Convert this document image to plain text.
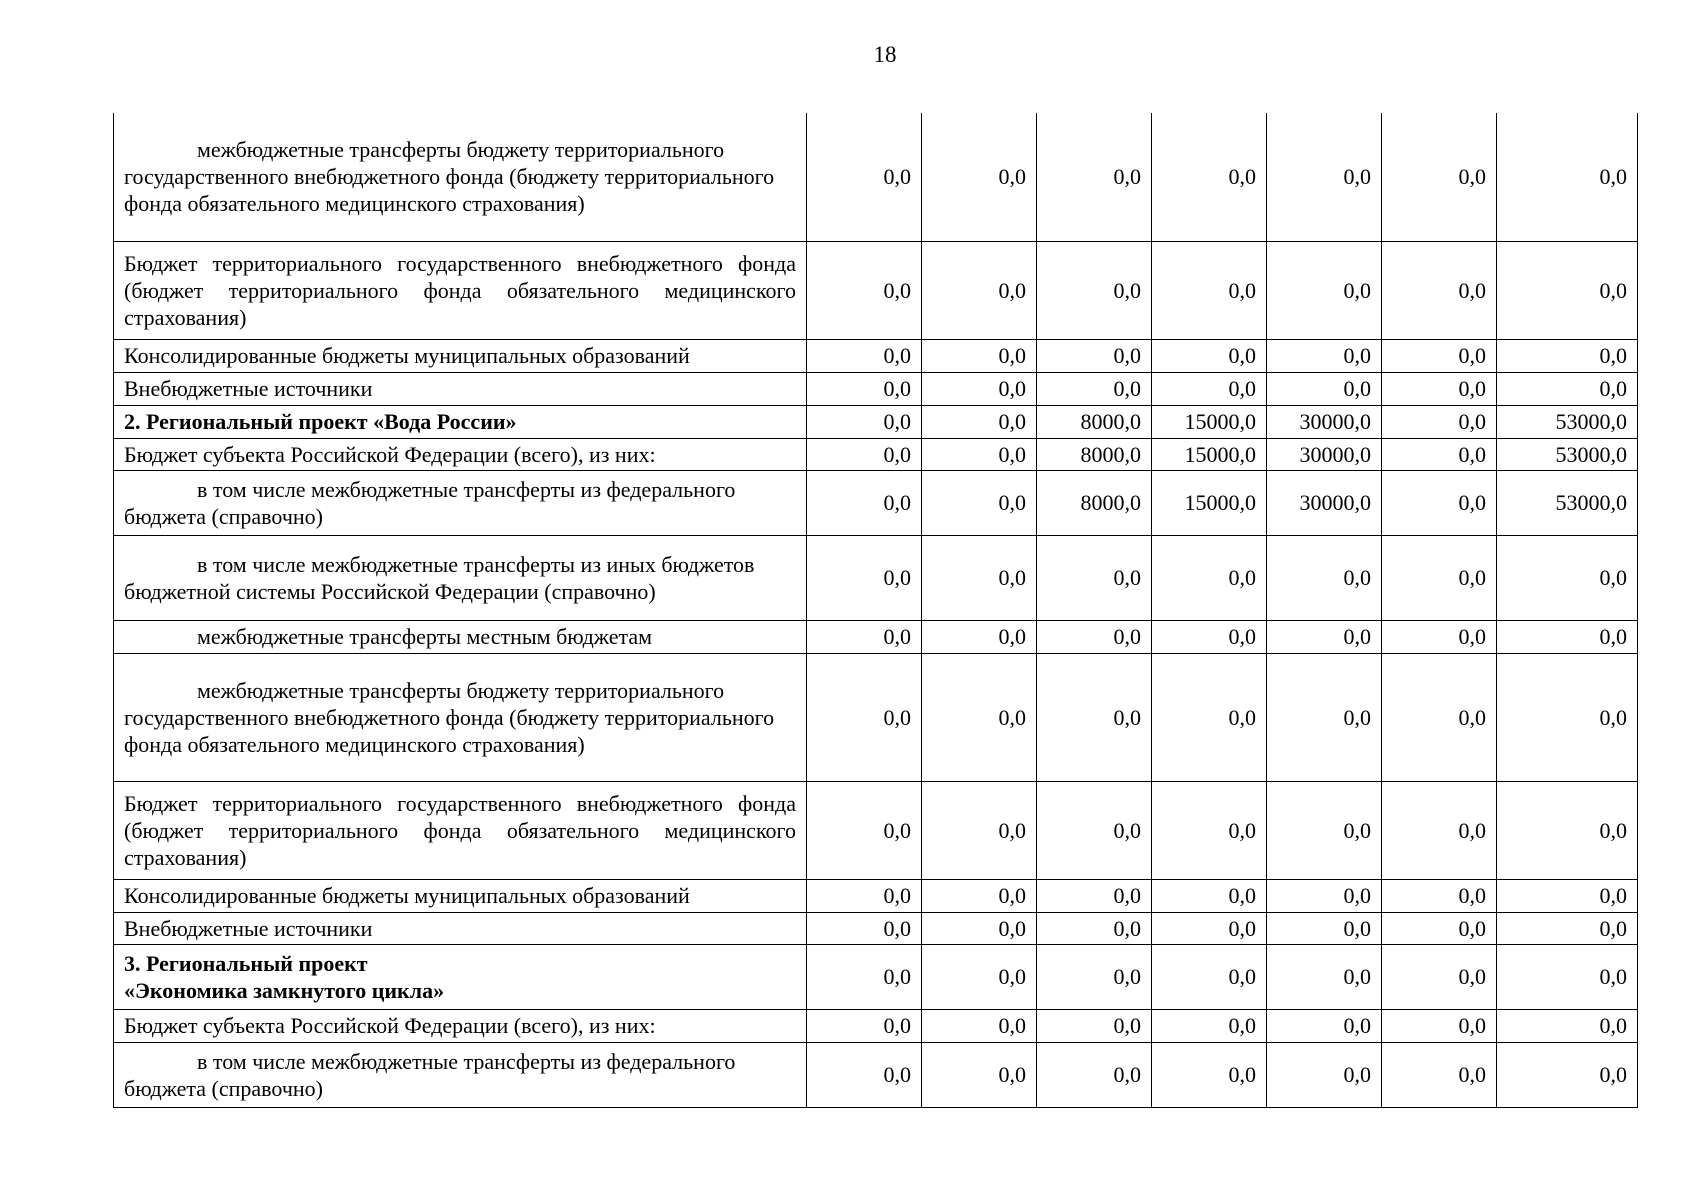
18
межбюджетные трансферты бюджету территориального государственного внебюджетного фонда (бюджету территориального фонда обязательного медицинского страхования)	0,0	0,0	0,0	0,0	0,0	0,0	0,0

Бюджет территориального государственного внебюджетного фонда (бюджет территориального фонда обязательного медицинского страхования)	0,0	0,0	0,0	0,0	0,0	0,0	0,0

Консолидированные бюджеты муниципальных образований	0,0	0,0	0,0	0,0	0,0	0,0	0,0

Внебюджетные источники	0,0	0,0	0,0	0,0	0,0	0,0	0,0

2. Региональный проект «Вода России»	0,0	0,0	8000,0	15000,0	30000,0	0,0	53000,0

Бюджет субъекта Российской Федерации (всего), из них:	0,0	0,0	8000,0	15000,0	30000,0	0,0	53000,0

в том числе межбюджетные трансферты из федерального бюджета (справочно)	0,0	0,0	8000,0	15000,0	30000,0	0,0	53000,0

в том числе межбюджетные трансферты из иных бюджетов бюджетной системы Российской Федерации (справочно)	0,0	0,0	0,0	0,0	0,0	0,0	0,0

межбюджетные трансферты местным бюджетам	0,0	0,0	0,0	0,0	0,0	0,0	0,0

межбюджетные трансферты бюджету территориального государственного внебюджетного фонда (бюджету территориального фонда обязательного медицинского страхования)	0,0	0,0	0,0	0,0	0,0	0,0	0,0

Бюджет территориального государственного внебюджетного фонда (бюджет территориального фонда обязательного медицинского страхования)	0,0	0,0	0,0	0,0	0,0	0,0	0,0

Консолидированные бюджеты муниципальных образований	0,0	0,0	0,0	0,0	0,0	0,0	0,0

Внебюджетные источники	0,0	0,0	0,0	0,0	0,0	0,0	0,0

3. Региональный проект
«Экономика замкнутого цикла»	0,0	0,0	0,0	0,0	0,0	0,0	0,0

Бюджет субъекта Российской Федерации (всего), из них:	0,0	0,0	0,0	0,0	0,0	0,0	0,0

в том числе межбюджетные трансферты из федерального бюджета (справочно)	0,0	0,0	0,0	0,0	0,0	0,0	0,0
